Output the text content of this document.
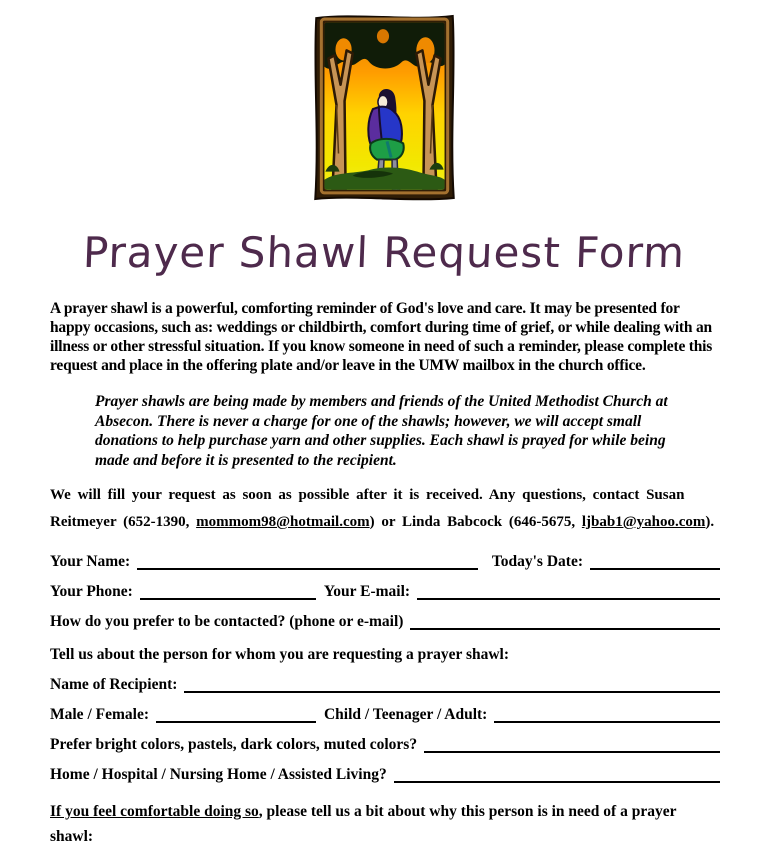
Prayer Shawl Request Form

A prayer shawl is a powerful, comforting reminder of God's love and care. It may be presented for happy occasions, such as: weddings or childbirth, comfort during time of grief, or while dealing with an illness or other stressful situation. If you know someone in need of such a reminder, please complete this request and place in the offering plate and/or leave in the UMW mailbox in the church office.

Prayer shawls are being made by members and friends of the United Methodist Church at Absecon. There is never a charge for one of the shawls; however, we will accept small donations to help purchase yarn and other supplies. Each shawl is prayed for while being made and before it is presented to the recipient.

We will fill your request as soon as possible after it is received. Any questions, contact Susan Reitmeyer (652-1390, mommom98@hotmail.com) or Linda Babcock (646-5675, ljbab1@yahoo.com).

Your Name:	Today's Date:
Your Phone:	Your E-mail:
How do you prefer to be contacted? (phone or e-mail)
Tell us about the person for whom you are requesting a prayer shawl:
Name of Recipient:
Male / Female:	Child / Teenager / Adult:
Prefer bright colors, pastels, dark colors, muted colors?
Home / Hospital / Nursing Home / Assisted Living?

If you feel comfortable doing so, please tell us a bit about why this person is in need of a prayer shawl:
